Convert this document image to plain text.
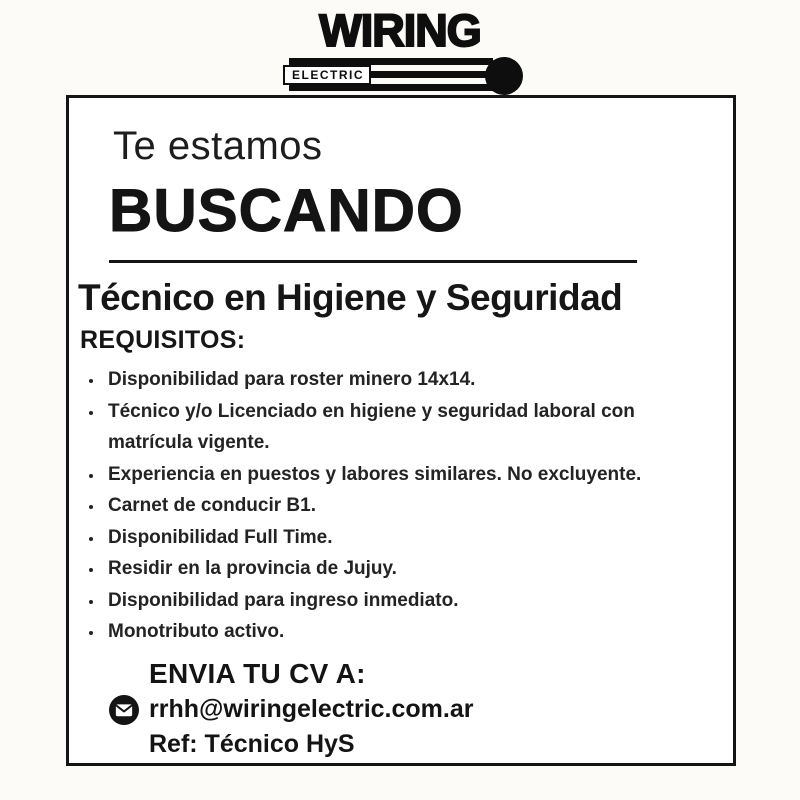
WIRING
ELECTRIC
Te estamos
BUSCANDO
Técnico en Higiene y Seguridad
REQUISITOS:
• Disponibilidad para roster minero 14x14.
• Técnico y/o Licenciado en higiene y seguridad laboral con matrícula vigente.
• Experiencia en puestos y labores similares. No excluyente.
• Carnet de conducir B1.
• Disponibilidad Full Time.
• Residir en la provincia de Jujuy.
• Disponibilidad para ingreso inmediato.
• Monotributo activo.
ENVIA TU CV A:
rrhh@wiringelectric.com.ar
Ref: Técnico HyS
